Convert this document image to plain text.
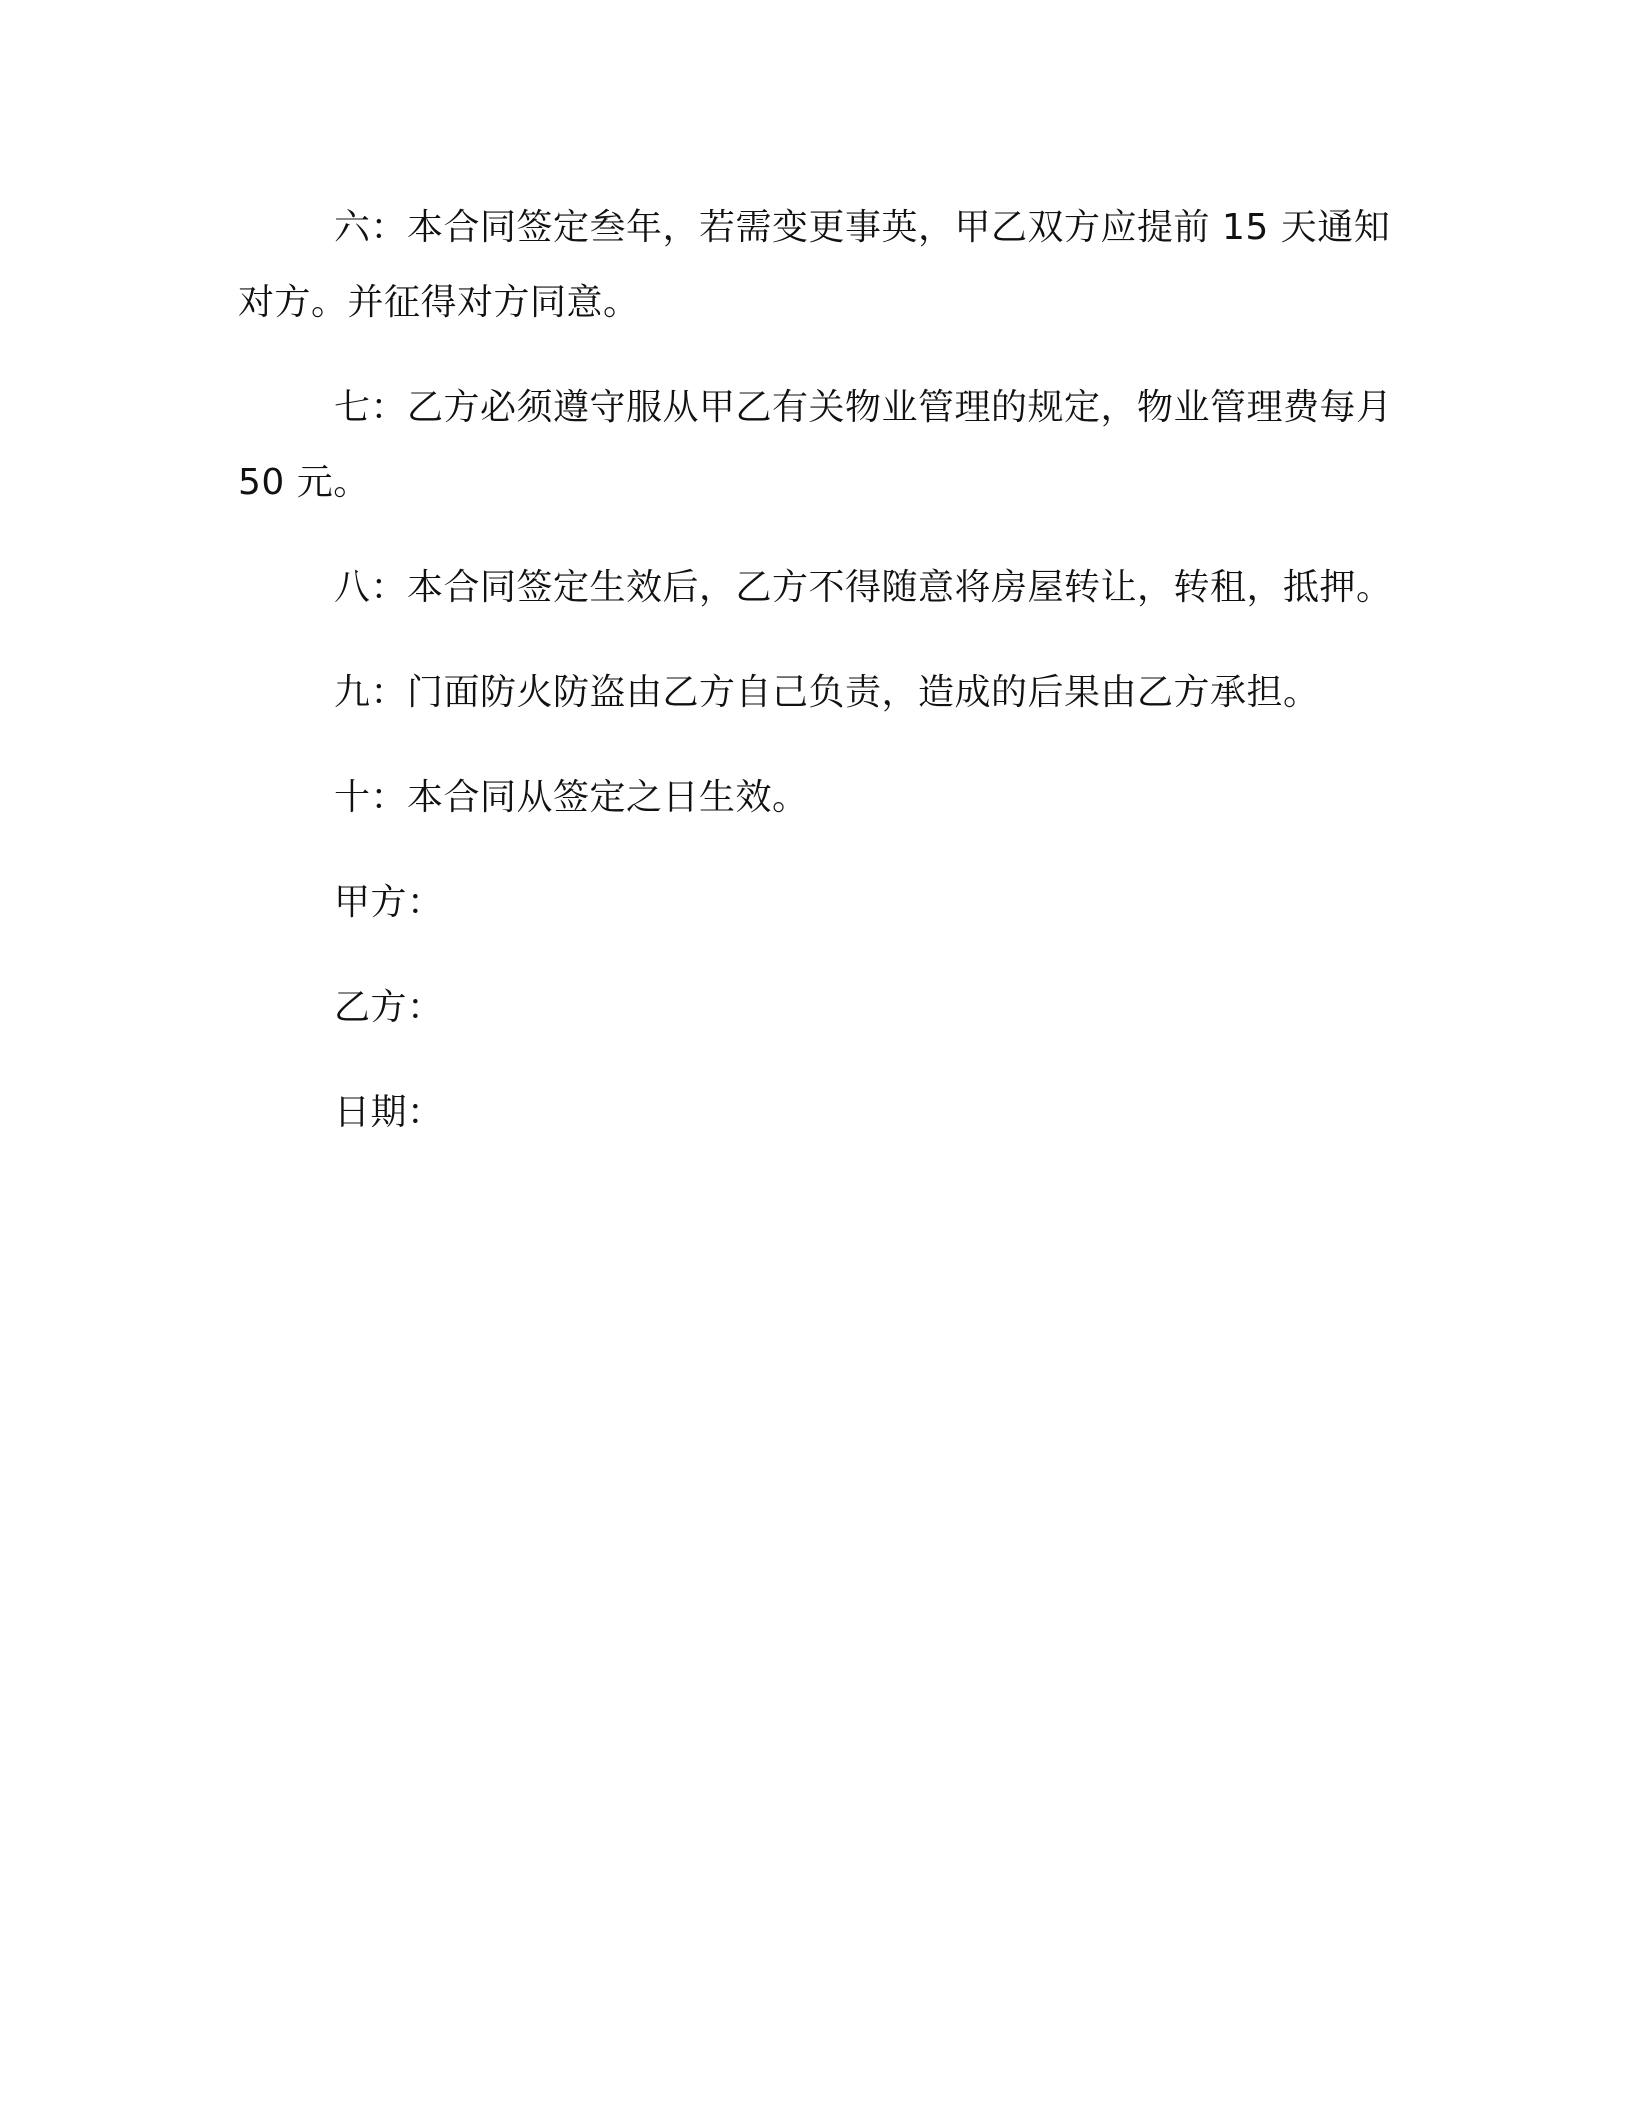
六：本合同签定叁年，若需变更事英，甲乙双方应提前 15 天通知对方。并征得对方同意。

七：乙方必须遵守服从甲乙有关物业管理的规定，物业管理费每月 50 元。

八：本合同签定生效后，乙方不得随意将房屋转让，转租，抵押。

九：门面防火防盗由乙方自己负责，造成的后果由乙方承担。

十：本合同从签定之日生效。

甲方：
乙方：
日期：
